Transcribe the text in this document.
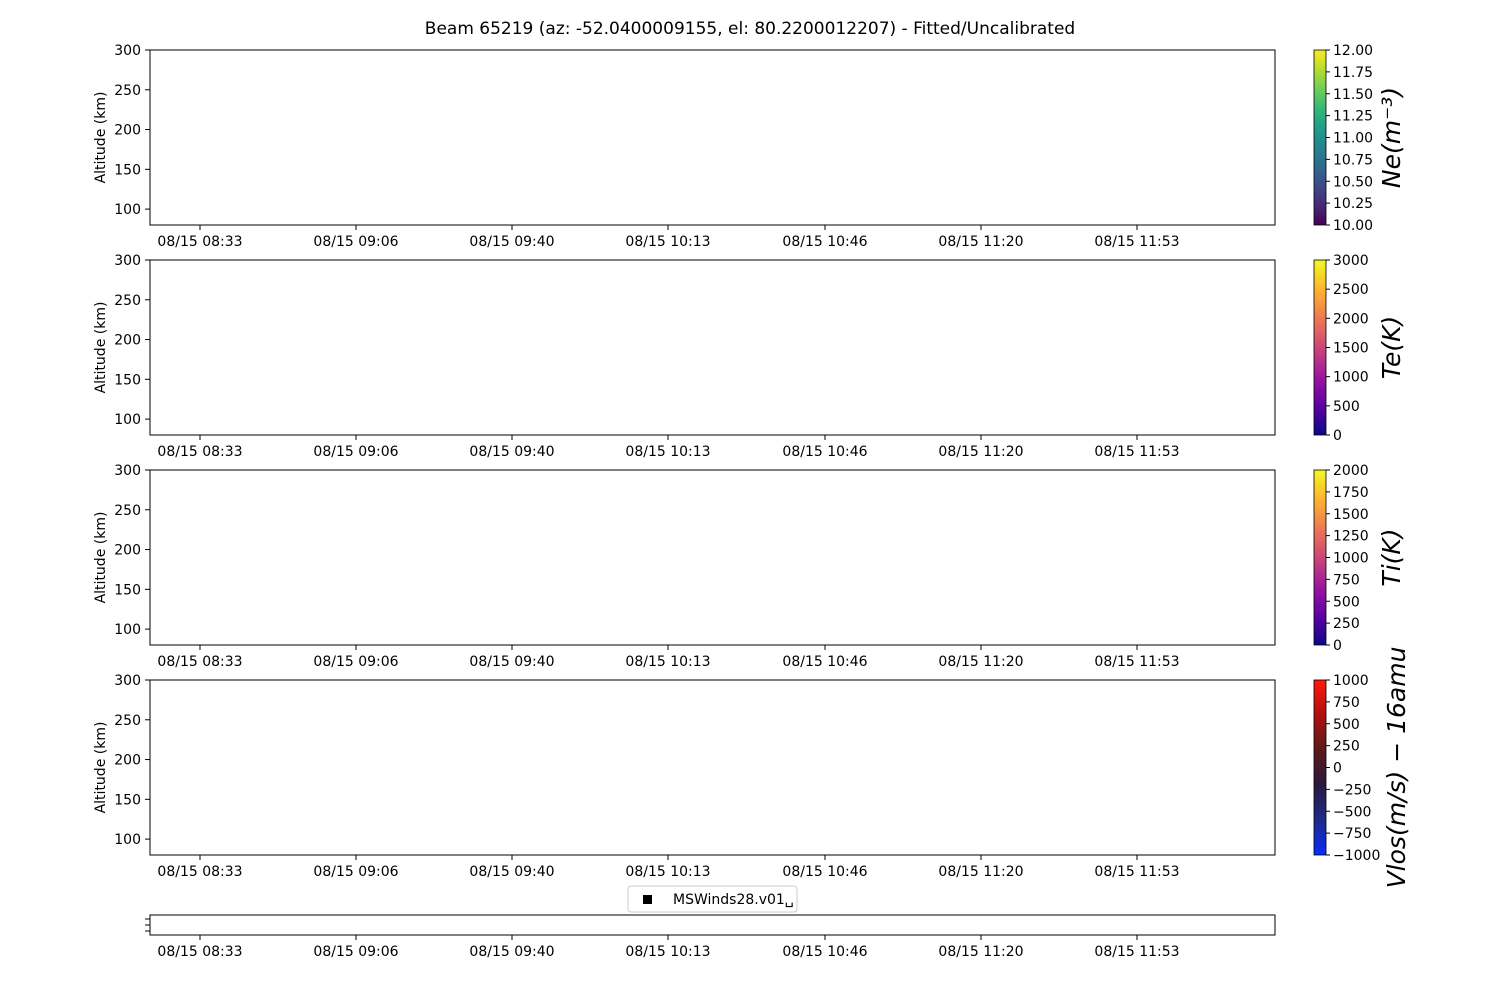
Beam 65219 (az: -52.0400009155, el: 80.2200012207) - Fitted/Uncalibrated
100
150
200
250
300
Altitude (km)
08/15 08:33	08/15 09:06	08/15 09:40	08/15 10:13	08/15 10:46	08/15 11:20	08/15 11:53
100
150
200
250
300
Altitude (km)
08/15 08:33	08/15 09:06	08/15 09:40	08/15 10:13	08/15 10:46	08/15 11:20	08/15 11:53
100
150
200
250
300
Altitude (km)
08/15 08:33	08/15 09:06	08/15 09:40	08/15 10:13	08/15 10:46	08/15 11:20	08/15 11:53
100
150
200
250
300
Altitude (km)
08/15 08:33	08/15 09:06	08/15 09:40	08/15 10:13	08/15 10:46	08/15 11:20	08/15 11:53
10.00
10.25
10.50
10.75
11.00
11.25
11.50
11.75
12.00
Ne(m⁻³)
0
500
1000
1500
2000
2500
3000
Te(K)
0
250
500
750
1000
1250
1500
1750
2000
Ti(K)
−1000
−750
−500
−250
0
250
500
750
1000 Vlos(m/s) − 16amu
MSWinds28.v01␣
08/15 08:33	08/15 09:06	08/15 09:40	08/15 10:13	08/15 10:46	08/15 11:20	08/15 11:53
